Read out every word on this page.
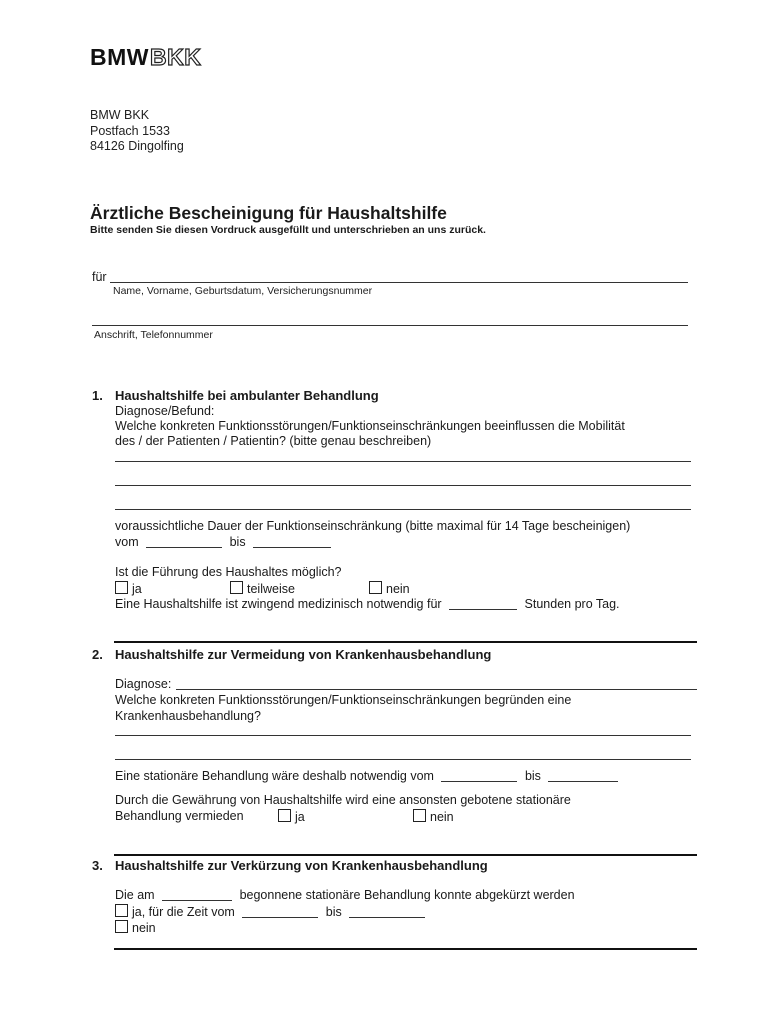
BMWBKK
BMW BKK
Postfach 1533
84126 Dingolfing
Ärztliche Bescheinigung für Haushaltshilfe
Bitte senden Sie diesen Vordruck ausgefüllt und unterschrieben an uns zurück.
für
Name, Vorname, Geburtsdatum, Versicherungsnummer
Anschrift, Telefonnummer
1. Haushaltshilfe bei ambulanter Behandlung
Diagnose/Befund:
Welche konkreten Funktionsstörungen/Funktionseinschränkungen beeinflussen die Mobilität
des / der Patienten / Patientin? (bitte genau beschreiben)
voraussichtliche Dauer der Funktionseinschränkung (bitte maximal für 14 Tage bescheinigen)
vom	bis
Ist die Führung des Haushaltes möglich?
ja	teilweise	nein
Eine Haushaltshilfe ist zwingend medizinisch notwendig für	Stunden pro Tag.
2. Haushaltshilfe zur Vermeidung von Krankenhausbehandlung
Diagnose:
Welche konkreten Funktionsstörungen/Funktionseinschränkungen begründen eine
Krankenhausbehandlung?
Eine stationäre Behandlung wäre deshalb notwendig vom	bis
Durch die Gewährung von Haushaltshilfe wird eine ansonsten gebotene stationäre
Behandlung vermieden	ja	nein
3. Haushaltshilfe zur Verkürzung von Krankenhausbehandlung
Die am	begonnene stationäre Behandlung konnte abgekürzt werden
ja, für die Zeit vom	bis
nein
